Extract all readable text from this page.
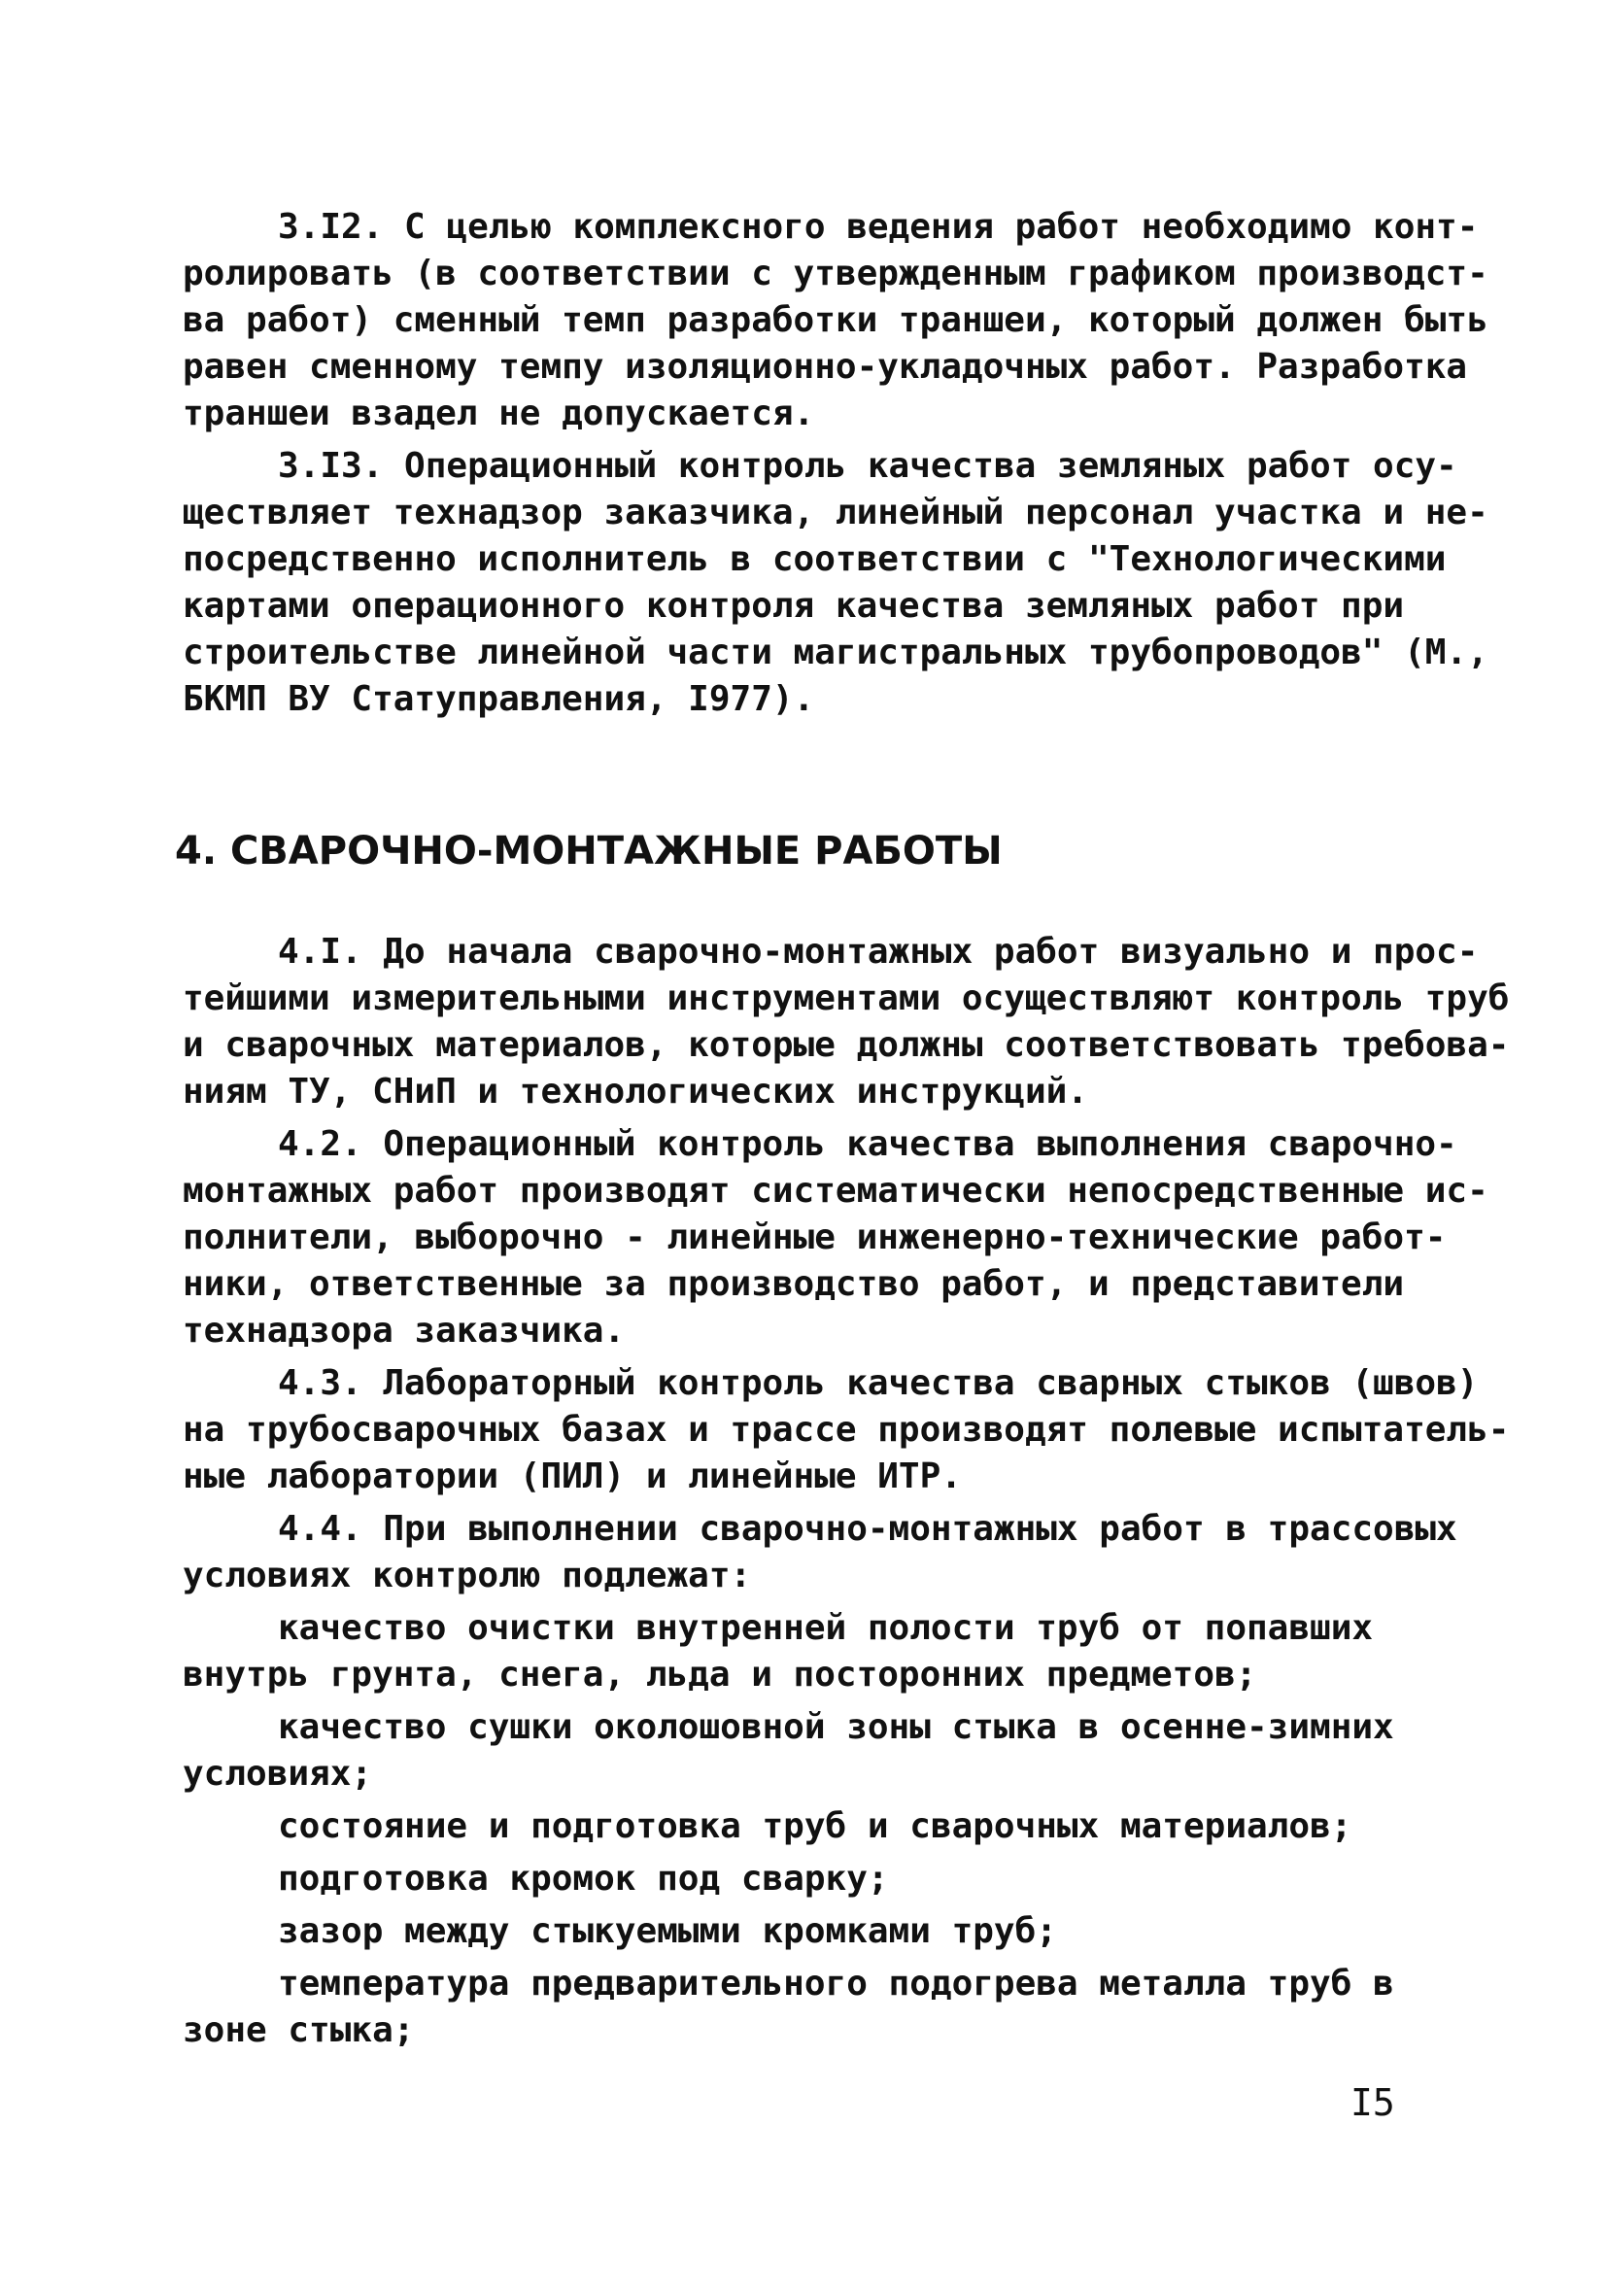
3.I2. С целью комплексного ведения работ необходимо конт-
ролировать (в соответствии с утвержденным графиком производст-
ва работ) сменный темп разработки траншеи, который должен быть
равен сменному темпу изоляционно-укладочных работ. Разработка
траншеи взадел не допускается.
3.I3. Операционный контроль качества земляных работ осу-
ществляет технадзор заказчика, линейный персонал участка и не-
посредственно исполнитель в соответствии с "Технологическими
картами операционного контроля качества земляных работ при
строительстве линейной части магистральных трубопроводов" (М.,
БКМП ВУ Статуправления, I977).
4. СВАРОЧНО-МОНТАЖНЫЕ РАБОТЫ
4.I. До начала сварочно-монтажных работ визуально и прос-
тейшими измерительными инструментами осуществляют контроль труб
и сварочных материалов, которые должны соответствовать требова-
ниям ТУ, СНиП и технологических инструкций.
4.2. Операционный контроль качества выполнения сварочно-
монтажных работ производят систематически непосредственные ис-
полнители, выборочно - линейные инженерно-технические работ-
ники, ответственные за производство работ, и представители
технадзора заказчика.
4.3. Лабораторный контроль качества сварных стыков (швов)
на трубосварочных базах и трассе производят полевые испытатель-
ные лаборатории (ПИЛ) и линейные ИТР.
4.4. При выполнении сварочно-монтажных работ в трассовых
условиях контролю подлежат:
качество очистки внутренней полости труб от попавших
внутрь грунта, снега, льда и посторонних предметов;
качество сушки околошовной зоны стыка в осенне-зимних
условиях;
состояние и подготовка труб и сварочных материалов;
подготовка кромок под сварку;
зазор между стыкуемыми кромками труб;
температура предварительного подогрева металла труб в
зоне стыка;
I5
